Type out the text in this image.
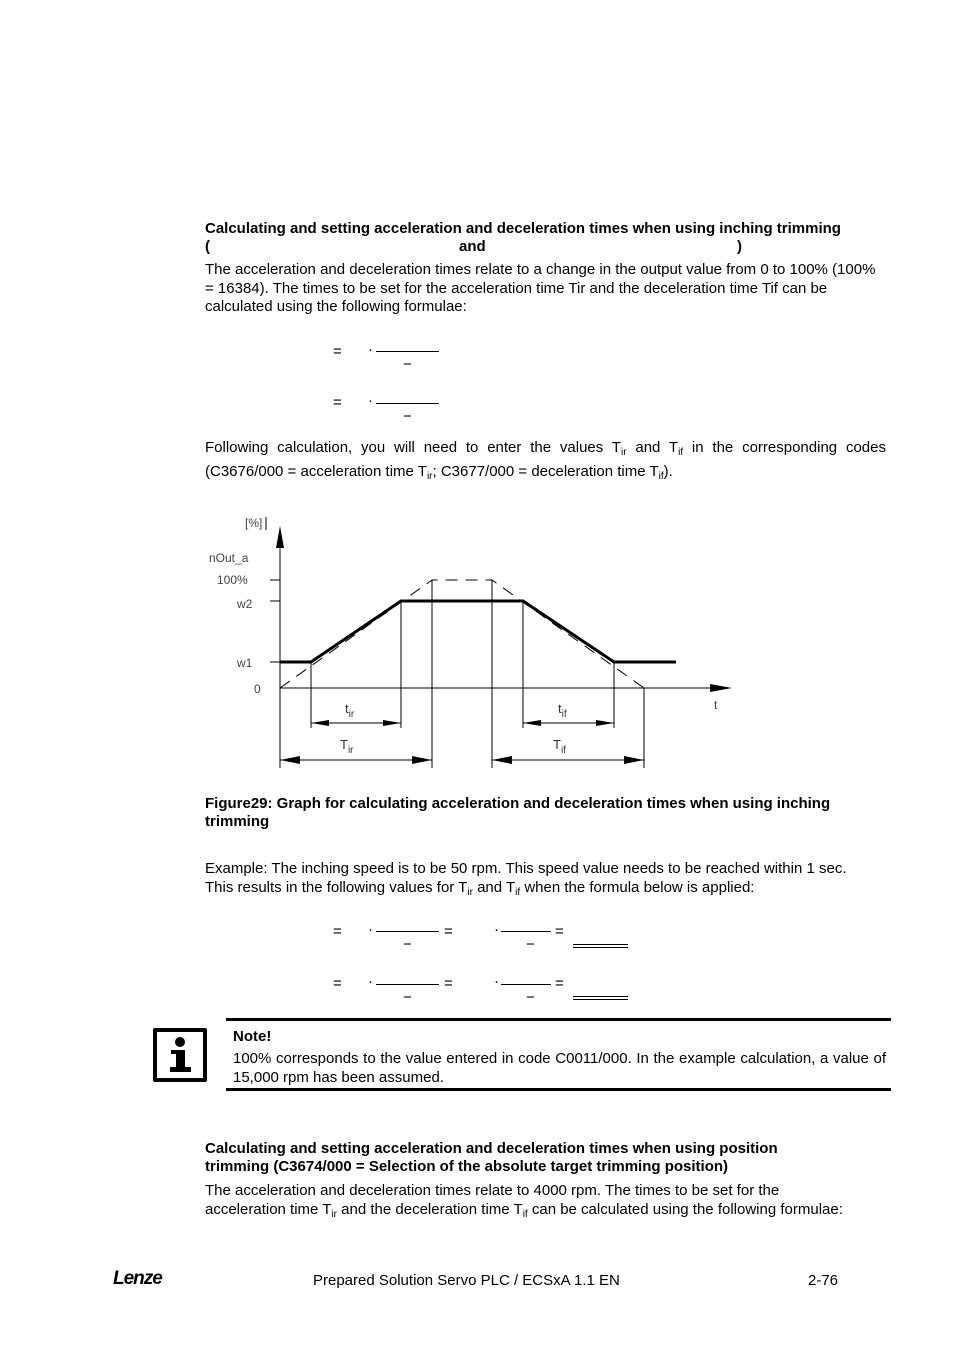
Calculating and setting acceleration and deceleration times when using inching trimming
(	and	)
The acceleration and deceleration times relate to a change in the output value from 0 to 100% (100% = 16384). The times to be set for the acceleration time Tir and the deceleration time Tif can be calculated using the following formulae:
= ·
−
= ·
−
Following calculation, you will need to enter the values $T_{ir}$ and $T_{if}$ in the corresponding codes (C3676/000 = acceleration time $T_{ir}$; C3677/000 = deceleration time $T_{if}$).
[%]
nOut_a
100%
w2
w1
0
t
$t_{ir}$	$t_{if}$
$T_{ir}$	$T_{if}$
Figure29: Graph for calculating acceleration and deceleration times when using inching trimming
Example: The inching speed is to be 50 rpm. This speed value needs to be reached within 1 sec. This results in the following values for $T_{ir}$ and $T_{if}$ when the formula below is applied:
= ·
−
=	·
−
=
= ·
−
=	·
−
=
Note!
100% corresponds to the value entered in code C0011/000. In the example calculation, a value of 15,000 rpm has been assumed.
Calculating and setting acceleration and deceleration times when using position trimming (C3674/000 = Selection of the absolute target trimming position)
The acceleration and deceleration times relate to 4000 rpm. The times to be set for the acceleration time $T_{ir}$ and the deceleration time $T_{if}$ can be calculated using the following formulae:
Lenze	Prepared Solution Servo PLC / ECSxA 1.1 EN	2-76
